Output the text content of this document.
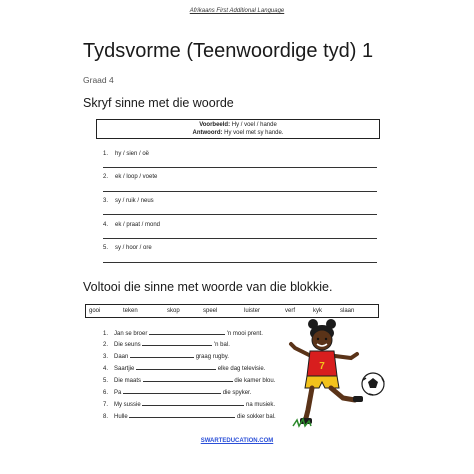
Afrikaans First Additional Language
Tydsvorme (Teenwoordige tyd) 1
Graad 4
Skryf sinne met die woorde
Voorbeeld: Hy / voel / hande
Antwoord: Hy voel met sy hande.
1. hy / sien / oë
2. ek / loop / voete
3. sy / ruik / neus
4. ek / praat / mond
5. sy / hoor / ore
Voltooi die sinne met woorde van die blokkie.
gooi	teken	skop	speel	luister	verf	kyk	slaan
1. Jan se broer	'n mooi prent.
2. Die seuns	'n bal.
3. Daan	graag rugby.
4. Saartjie	elke dag televisie.
5. Die maats	die kamer blou.
6. Pa	die spyker.
7. My sussie	na musiek.
8. Hulle	die sokker bal.
7
SWARTEDUCATION.COM
